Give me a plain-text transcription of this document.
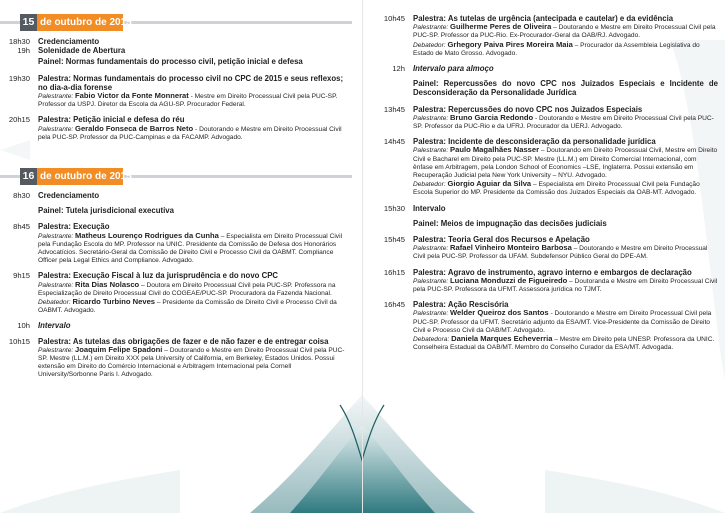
15 de outubro de 2015
18h30
19h
Credenciamento
Solenidade de Abertura
Painel: Normas fundamentais do processo civil, petição inicial e defesa
19h30 Palestra: Normas fundamentais do processo civil no CPC de 2015 e seus reflexos; no dia-a-dia forense
Palestrante: Fabio Victor da Fonte Monnerat - Mestre em Direito Processual Civil pela PUC-SP. Professor da USPJ. Diretor da Escola da AGU-SP. Procurador Federal.
20h15 Palestra: Petição inicial e defesa do réu
Palestrante: Geraldo Fonseca de Barros Neto - Doutorando e Mestre em Direito Processual Civil pela PUC-SP. Professor da PUC-Campinas e da FACAMP. Advogado.
16 de outubro de 2015
8h30 Credenciamento
Painel: Tutela jurisdicional executiva
8h45 Palestra: Execução
Palestrante: Matheus Lourenço Rodrigues da Cunha – Especialista em Direito Processual Civil pela Fundação Escola do MP. Professor na UNIC. Presidente da Comissão de Defesa dos Honorários Advocatícios. Secretário-Geral da Comissão de Direito Civil e Processo Civil da OABMT. Compliance Officer pela Legal Ethics and Compliance. Advogado.
9h15 Palestra: Execução Fiscal à luz da jurisprudência e do novo CPC
Palestrante: Rita Dias Nolasco – Doutora em Direito Processual Civil pela PUC-SP. Professora na Especialização de Direito Processual Civil do COGEAE/PUC-SP. Procuradora da Fazenda Nacional.
Debatedor: Ricardo Turbino Neves – Presidente da Comissão de Direito Civil e Processo Civil da OABMT. Advogado.
10h Intervalo
10h15 Palestra: As tutelas das obrigações de fazer e de não fazer e de entregar coisa
Palestrante: Joaquim Felipe Spadoni – Doutorando e Mestre em Direito Processual Civil pela PUC-SP. Mestre (LL.M.) em Direito XXX pela University of California, em Berkeley, Estados Unidos. Possui extensão em Direito do Comércio Internacional e Arbitragem Internacional pela Cornell University/Sorbonne Paris I. Advogado.
10h45 Palestra: As tutelas de urgência (antecipada e cautelar) e da evidência
Palestrante: Guilherme Peres de Oliveira – Doutorando e Mestre em Direito Processual Civil pela PUC-SP. Professor da PUC-Rio. Ex-Procurador-Geral da OAB/RJ. Advogado.
Debatedor: Grhegory Paiva Pires Moreira Maia – Procurador da Assembleia Legislativa do Estado de Mato Grosso. Advogado.
12h Intervalo para almoço
Painel: Repercussões do novo CPC nos Juizados Especiais e Incidente de Desconsideração da Personalidade Jurídica
13h45 Palestra: Repercussões do novo CPC nos Juizados Especiais
Palestrante: Bruno Garcia Redondo - Doutorando e Mestre em Direito Processual Civil pela PUC-SP. Professor da PUC-Rio e da UFRJ. Procurador da UERJ. Advogado.
14h45 Palestra: Incidente de desconsideração da personalidade jurídica
Palestrante: Paulo Magalhães Nasser – Doutorando em Direito Processual Civil, Mestre em Direito Civil e Bacharel em Direito pela PUC-SP. Mestre (LL.M.) em Direito Comercial Internacional, com ênfase em Arbitragem, pela London School of Economics –LSE, Inglaterra. Possui extensão em Recuperação Judicial pela New York University – NYU. Advogado.
Debatedor: Giorgio Aguiar da Silva – Especialista em Direito Processual Civil pela Fundação Escola Superior do MP. Presidente da Comissão dos Juizados Especiais da OAB-MT. Advogado.
15h30 Intervalo
Painel: Meios de impugnação das decisões judiciais
15h45 Palestra: Teoria Geral dos Recursos e Apelação
Palestrante: Rafael Vinheiro Monteiro Barbosa – Doutorando e Mestre em Direito Processual Civil pela PUC-SP. Professor da UFAM. Subdefensor Público Geral do DPE-AM.
16h15 Palestra: Agravo de instrumento, agravo interno e embargos de declaração
Palestrante: Luciana Monduzzi de Figueiredo – Doutoranda e Mestre em Direito Processual Civil pela PUC-SP. Professora da UFMT. Assessora jurídica no TJMT.
16h45 Palestra: Ação Rescisória
Palestrante: Welder Queiroz dos Santos - Doutorando e Mestre em Direito Processual Civil pela PUC-SP. Professor da UFMT. Secretário adjunto da ESA/MT. Vice-Presidente da Comissão de Direito Civil e Processo Civil da OAB/MT. Advogado.
Debatedora: Daniela Marques Echeverria – Mestre em Direito pela UNESP. Professora da UNIC. Conselheira Estadual da OAB/MT. Membro do Conselho Curador da ESA/MT. Advogada.
